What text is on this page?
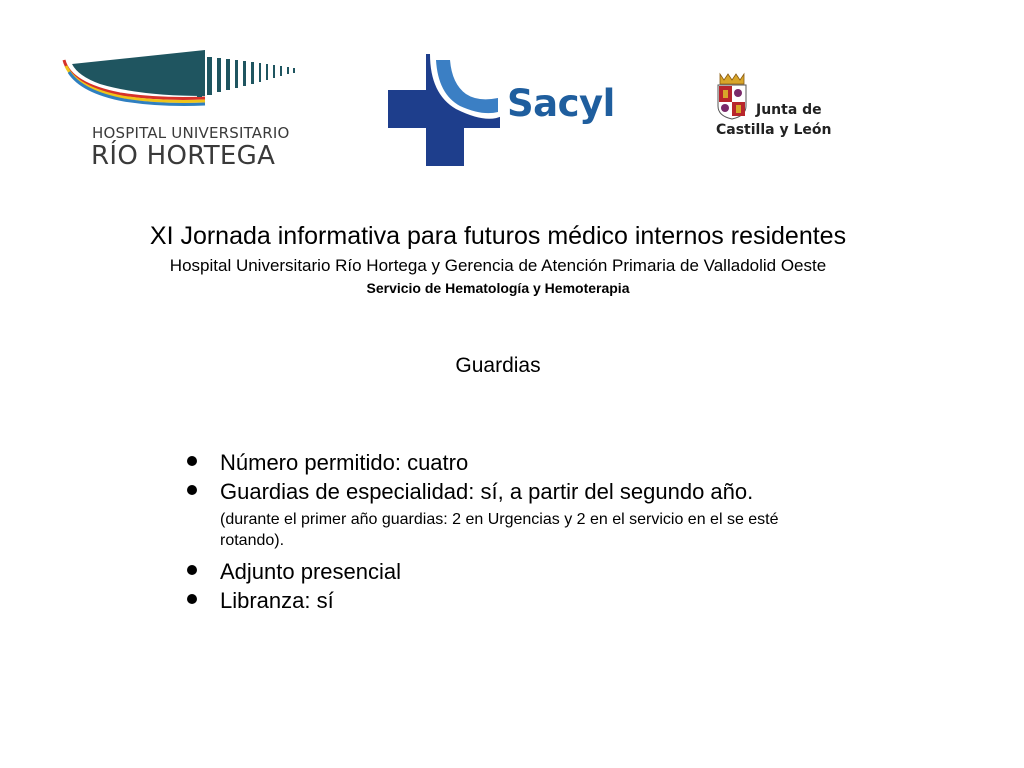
HOSPITAL UNIVERSITARIO
RÍO HORTEGA
Sacyl	Junta de
Castilla y León
XI Jornada informativa para futuros médico internos residentes
Hospital Universitario Río Hortega y Gerencia de Atención Primaria de Valladolid Oeste
Servicio de Hematología y Hemoterapia
Guardias
Número permitido: cuatro
Guardias de especialidad: sí, a partir del segundo año.
(durante el primer año guardias: 2 en Urgencias y 2 en el servicio en el se esté rotando).
Adjunto presencial
Libranza: sí
